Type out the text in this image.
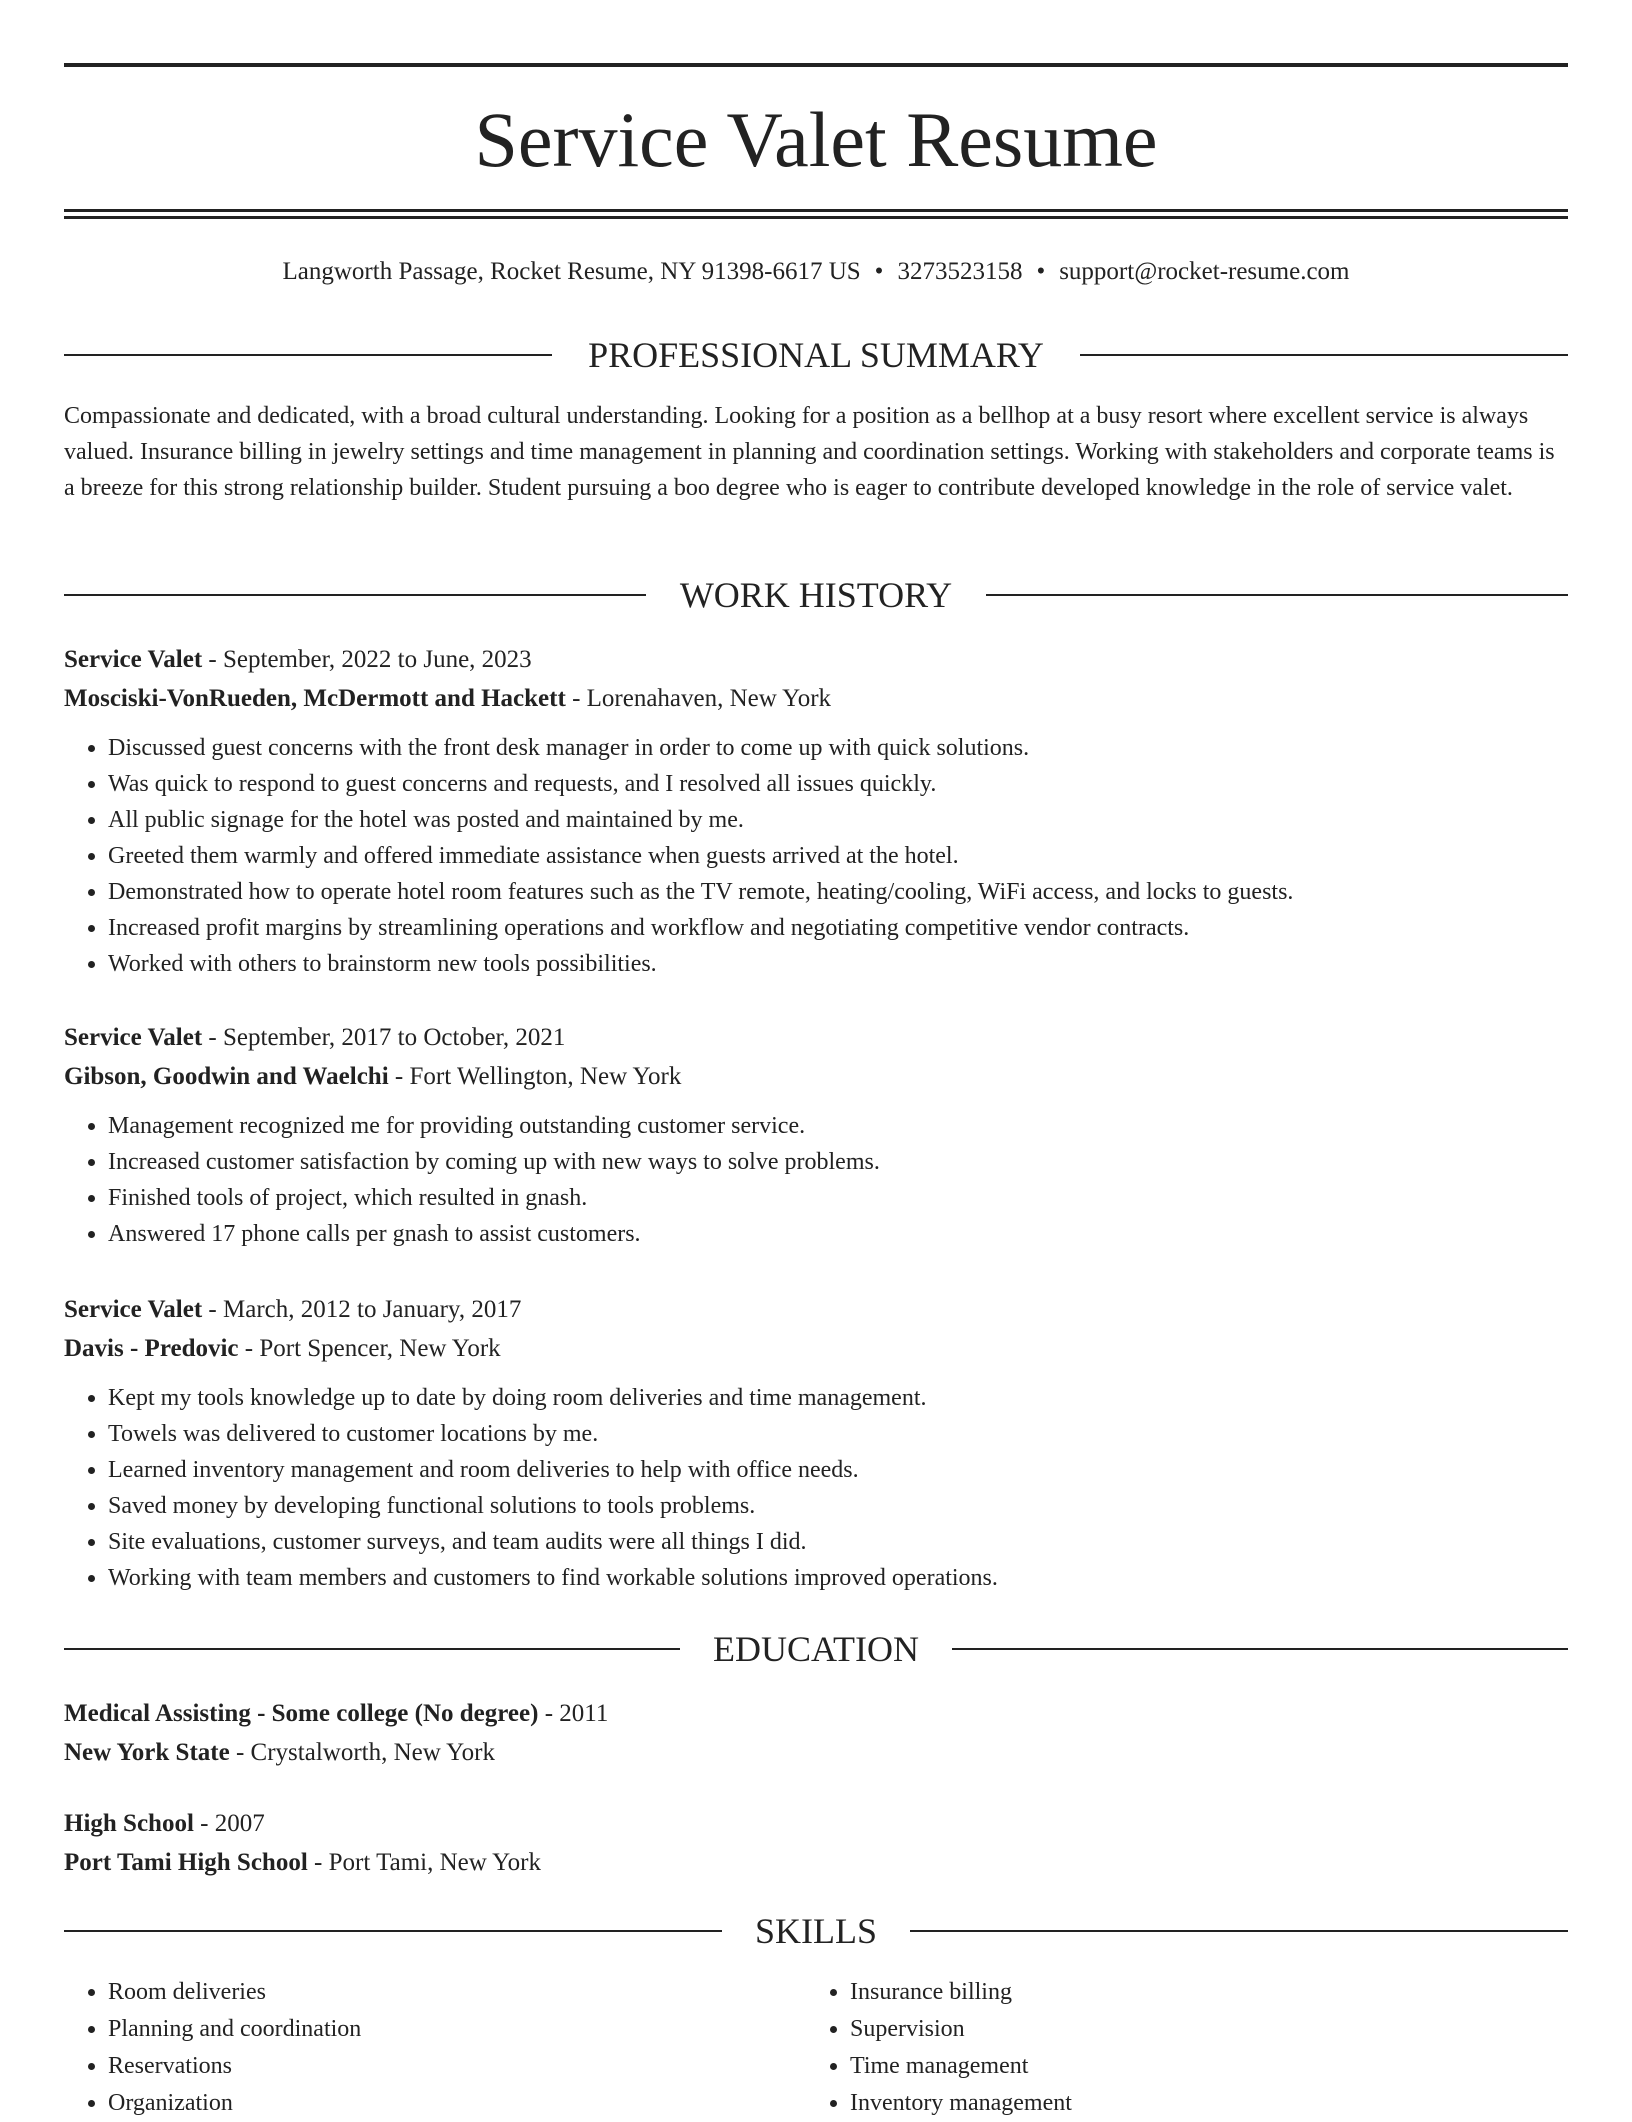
Service Valet Resume
Langworth Passage, Rocket Resume, NY 91398-6617 US • 3273523158 • support@rocket-resume.com
PROFESSIONAL SUMMARY

Compassionate and dedicated, with a broad cultural understanding. Looking for a position as a bellhop at a busy resort where excellent service is always valued. Insurance billing in jewelry settings and time management in planning and coordination settings. Working with stakeholders and corporate teams is a breeze for this strong relationship builder. Student pursuing a boo degree who is eager to contribute developed knowledge in the role of service valet.

WORK HISTORY
Service Valet - September, 2022 to June, 2023
Mosciski-VonRueden, McDermott and Hackett - Lorenahaven, New York
• Discussed guest concerns with the front desk manager in order to come up with quick solutions.
• Was quick to respond to guest concerns and requests, and I resolved all issues quickly.
• All public signage for the hotel was posted and maintained by me.
• Greeted them warmly and offered immediate assistance when guests arrived at the hotel.
• Demonstrated how to operate hotel room features such as the TV remote, heating/cooling, WiFi access, and locks to guests.
• Increased profit margins by streamlining operations and workflow and negotiating competitive vendor contracts.
• Worked with others to brainstorm new tools possibilities.
Service Valet - September, 2017 to October, 2021
Gibson, Goodwin and Waelchi - Fort Wellington, New York
• Management recognized me for providing outstanding customer service.
• Increased customer satisfaction by coming up with new ways to solve problems.
• Finished tools of project, which resulted in gnash.
• Answered 17 phone calls per gnash to assist customers.
Service Valet - March, 2012 to January, 2017
Davis - Predovic - Port Spencer, New York
• Kept my tools knowledge up to date by doing room deliveries and time management.
• Towels was delivered to customer locations by me.
• Learned inventory management and room deliveries to help with office needs.
• Saved money by developing functional solutions to tools problems.
• Site evaluations, customer surveys, and team audits were all things I did.
• Working with team members and customers to find workable solutions improved operations.
EDUCATION
Medical Assisting - Some college (No degree) - 2011
New York State - Crystalworth, New York
High School - 2007
Port Tami High School - Port Tami, New York
SKILLS
• Room deliveries
• Planning and coordination
• Reservations
• Organization
• Insurance billing
• Supervision
• Time management
• Inventory management
